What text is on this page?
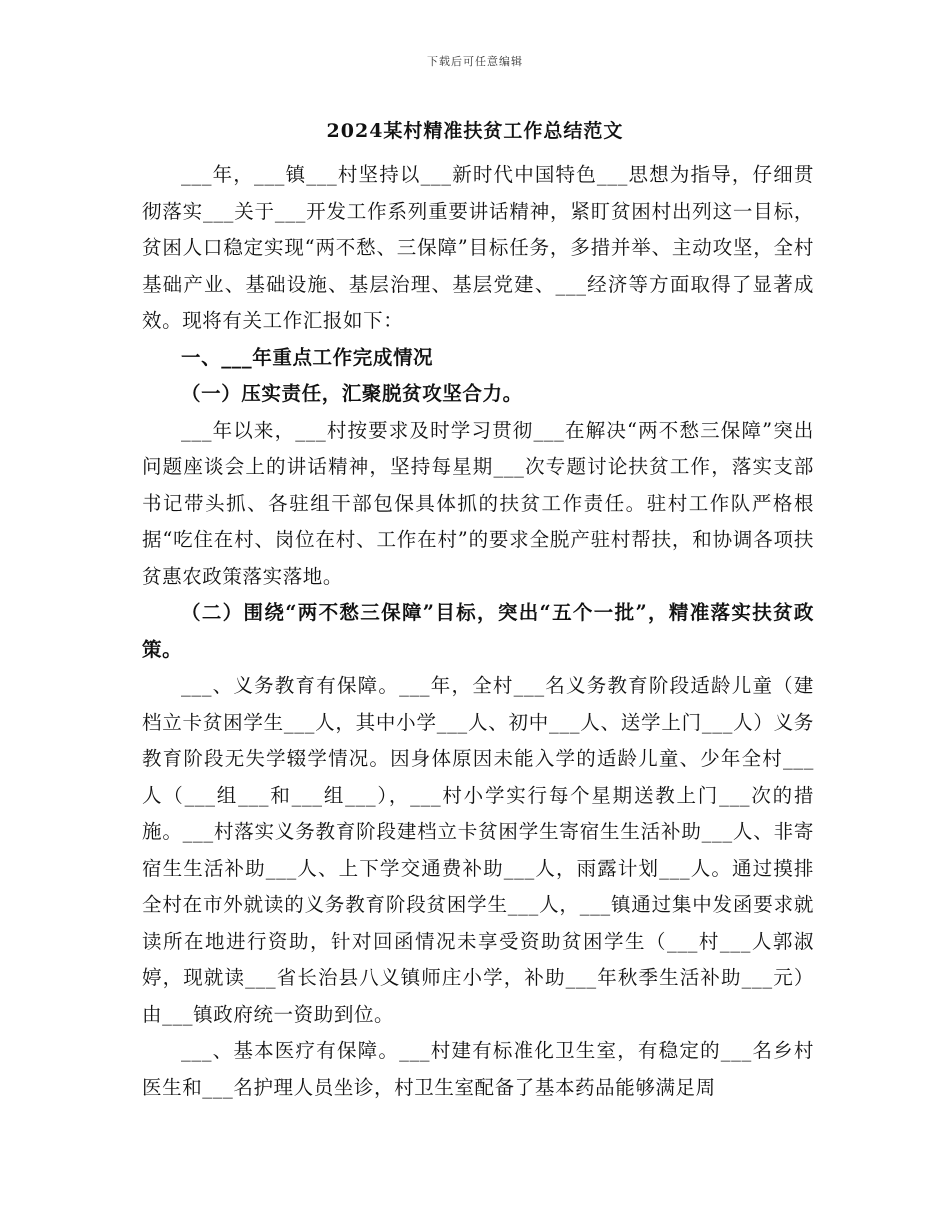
下载后可任意编辑
2024某村精准扶贫工作总结范文

___年，___镇___村坚持以___新时代中国特色___思想为指导，仔细贯彻落实___关于___开发工作系列重要讲话精神，紧盯贫困村出列这一目标，贫困人口稳定实现“两不愁、三保障”目标任务，多措并举、主动攻坚，全村基础产业、基础设施、基层治理、基层党建、___经济等方面取得了显著成效。现将有关工作汇报如下：

一、___年重点工作完成情况

（一）压实责任，汇聚脱贫攻坚合力。

___年以来，___村按要求及时学习贯彻___在解决“两不愁三保障”突出问题座谈会上的讲话精神，坚持每星期___次专题讨论扶贫工作，落实支部书记带头抓、各驻组干部包保具体抓的扶贫工作责任。驻村工作队严格根据“吃住在村、岗位在村、工作在村”的要求全脱产驻村帮扶，和协调各项扶贫惠农政策落实落地。

（二）围绕“两不愁三保障”目标，突出“五个一批”，精准落实扶贫政策。

___、义务教育有保障。___年，全村___名义务教育阶段适龄儿童（建档立卡贫困学生___人，其中小学___人、初中___人、送学上门___人）义务教育阶段无失学辍学情况。因身体原因未能入学的适龄儿童、少年全村___人（___组___和___组___），___村小学实行每个星期送教上门___次的措施。___村落实义务教育阶段建档立卡贫困学生寄宿生生活补助___人、非寄宿生生活补助___人、上下学交通费补助___人，雨露计划___人。通过摸排全村在市外就读的义务教育阶段贫困学生___人，___镇通过集中发函要求就读所在地进行资助，针对回函情况未享受资助贫困学生（___村___人郭淑婷，现就读___省长治县八义镇师庄小学，补助___年秋季生活补助___元）由___镇政府统一资助到位。

___、基本医疗有保障。___村建有标准化卫生室，有稳定的___名乡村医生和___名护理人员坐诊，村卫生室配备了基本药品能够满足周
